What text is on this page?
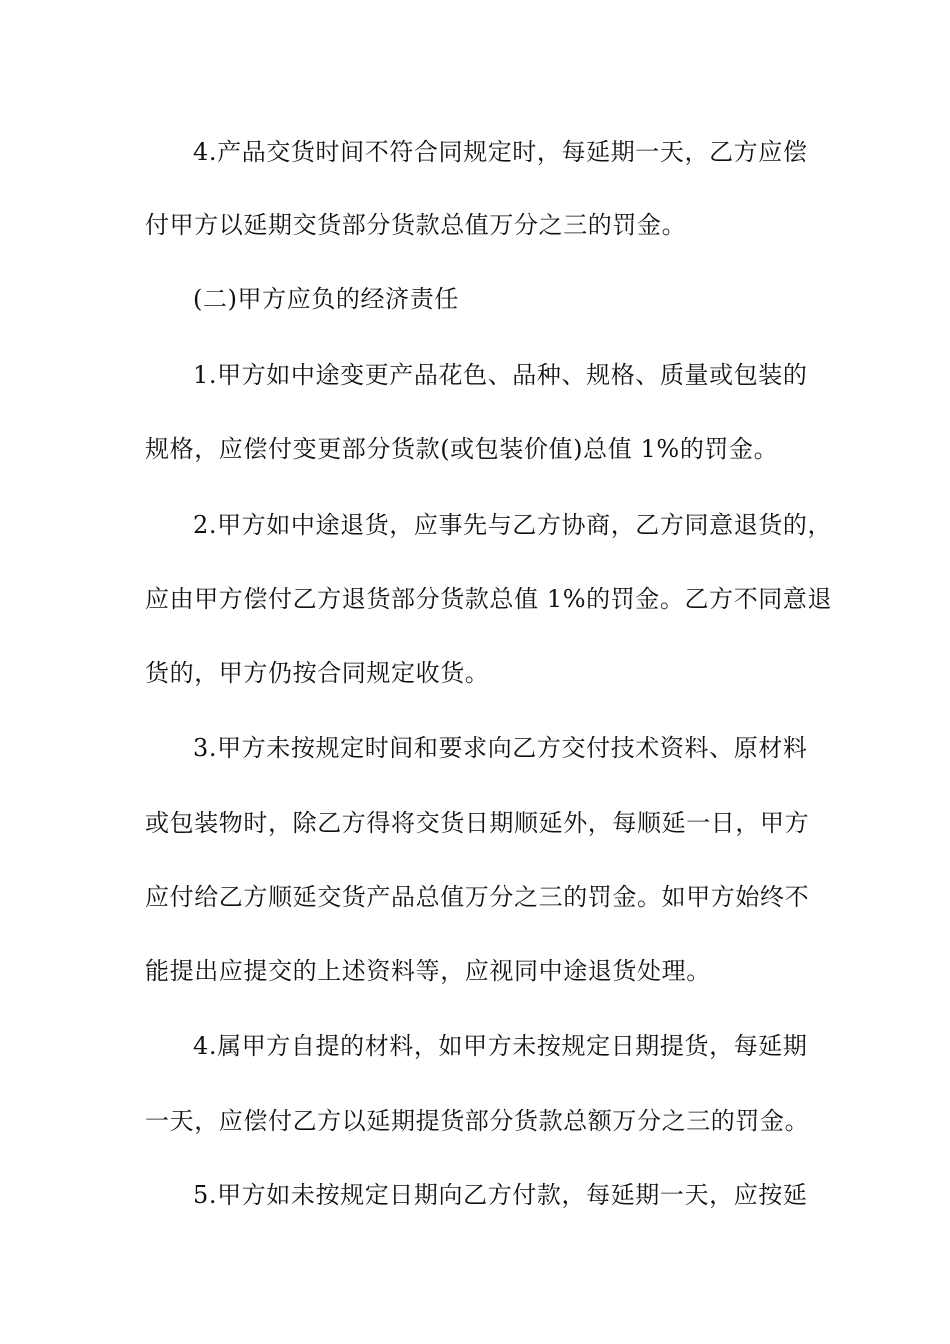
4.产品交货时间不符合同规定时，每延期一天，乙方应偿
付甲方以延期交货部分货款总值万分之三的罚金。
(二)甲方应负的经济责任
1.甲方如中途变更产品花色、品种、规格、质量或包装的
规格，应偿付变更部分货款(或包装价值)总值 1%的罚金。
2.甲方如中途退货，应事先与乙方协商，乙方同意退货的，
应由甲方偿付乙方退货部分货款总值 1%的罚金。乙方不同意退
货的，甲方仍按合同规定收货。
3.甲方未按规定时间和要求向乙方交付技术资料、原材料
或包装物时，除乙方得将交货日期顺延外，每顺延一日，甲方
应付给乙方顺延交货产品总值万分之三的罚金。如甲方始终不
能提出应提交的上述资料等，应视同中途退货处理。
4.属甲方自提的材料，如甲方未按规定日期提货，每延期
一天，应偿付乙方以延期提货部分货款总额万分之三的罚金。
5.甲方如未按规定日期向乙方付款，每延期一天，应按延
